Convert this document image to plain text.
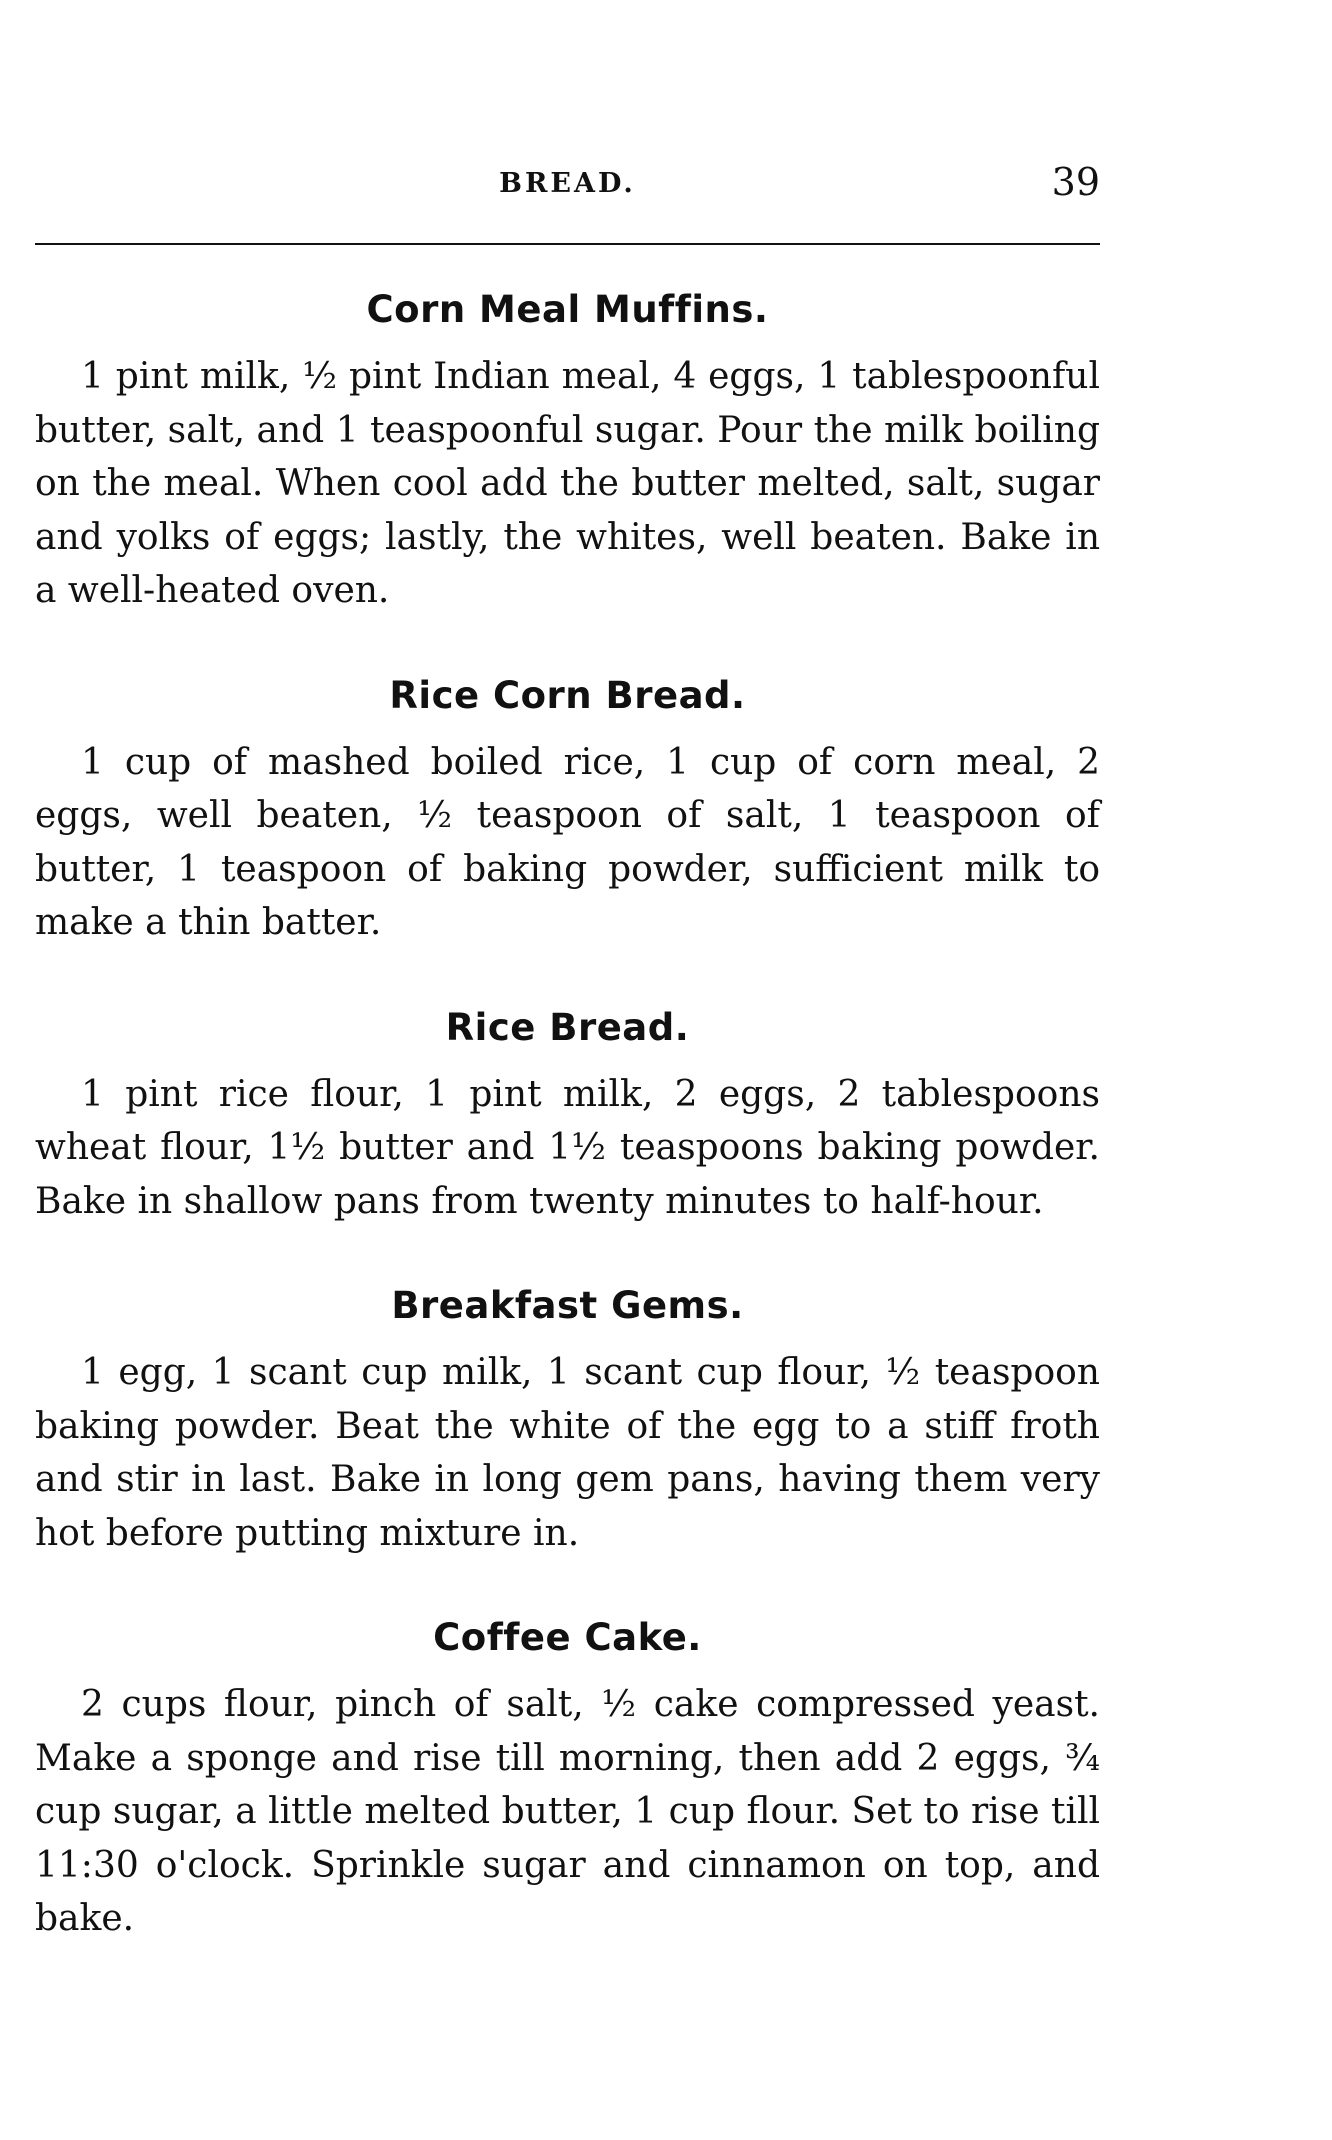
BREAD.	39
Corn Meal Muffins.

1 pint milk, ½ pint Indian meal, 4 eggs, 1 tablespoonful butter, salt, and 1 teaspoonful sugar. Pour the milk boiling on the meal. When cool add the butter melted, salt, sugar and yolks of eggs; lastly, the whites, well beaten. Bake in a well-heated oven.

Rice Corn Bread.

1 cup of mashed boiled rice, 1 cup of corn meal, 2 eggs, well beaten, ½ teaspoon of salt, 1 teaspoon of butter, 1 teaspoon of baking powder, sufficient milk to make a thin batter.

Rice Bread.

1 pint rice flour, 1 pint milk, 2 eggs, 2 tablespoons wheat flour, 1½ butter and 1½ teaspoons baking powder. Bake in shallow pans from twenty minutes to half-hour.

Breakfast Gems.

1 egg, 1 scant cup milk, 1 scant cup flour, ½ teaspoon baking powder. Beat the white of the egg to a stiff froth and stir in last. Bake in long gem pans, having them very hot before putting mixture in.

Coffee Cake.

2 cups flour, pinch of salt, ½ cake compressed yeast. Make a sponge and rise till morning, then add 2 eggs, ¾ cup sugar, a little melted butter, 1 cup flour. Set to rise till 11:30 o'clock. Sprinkle sugar and cinnamon on top, and bake.
